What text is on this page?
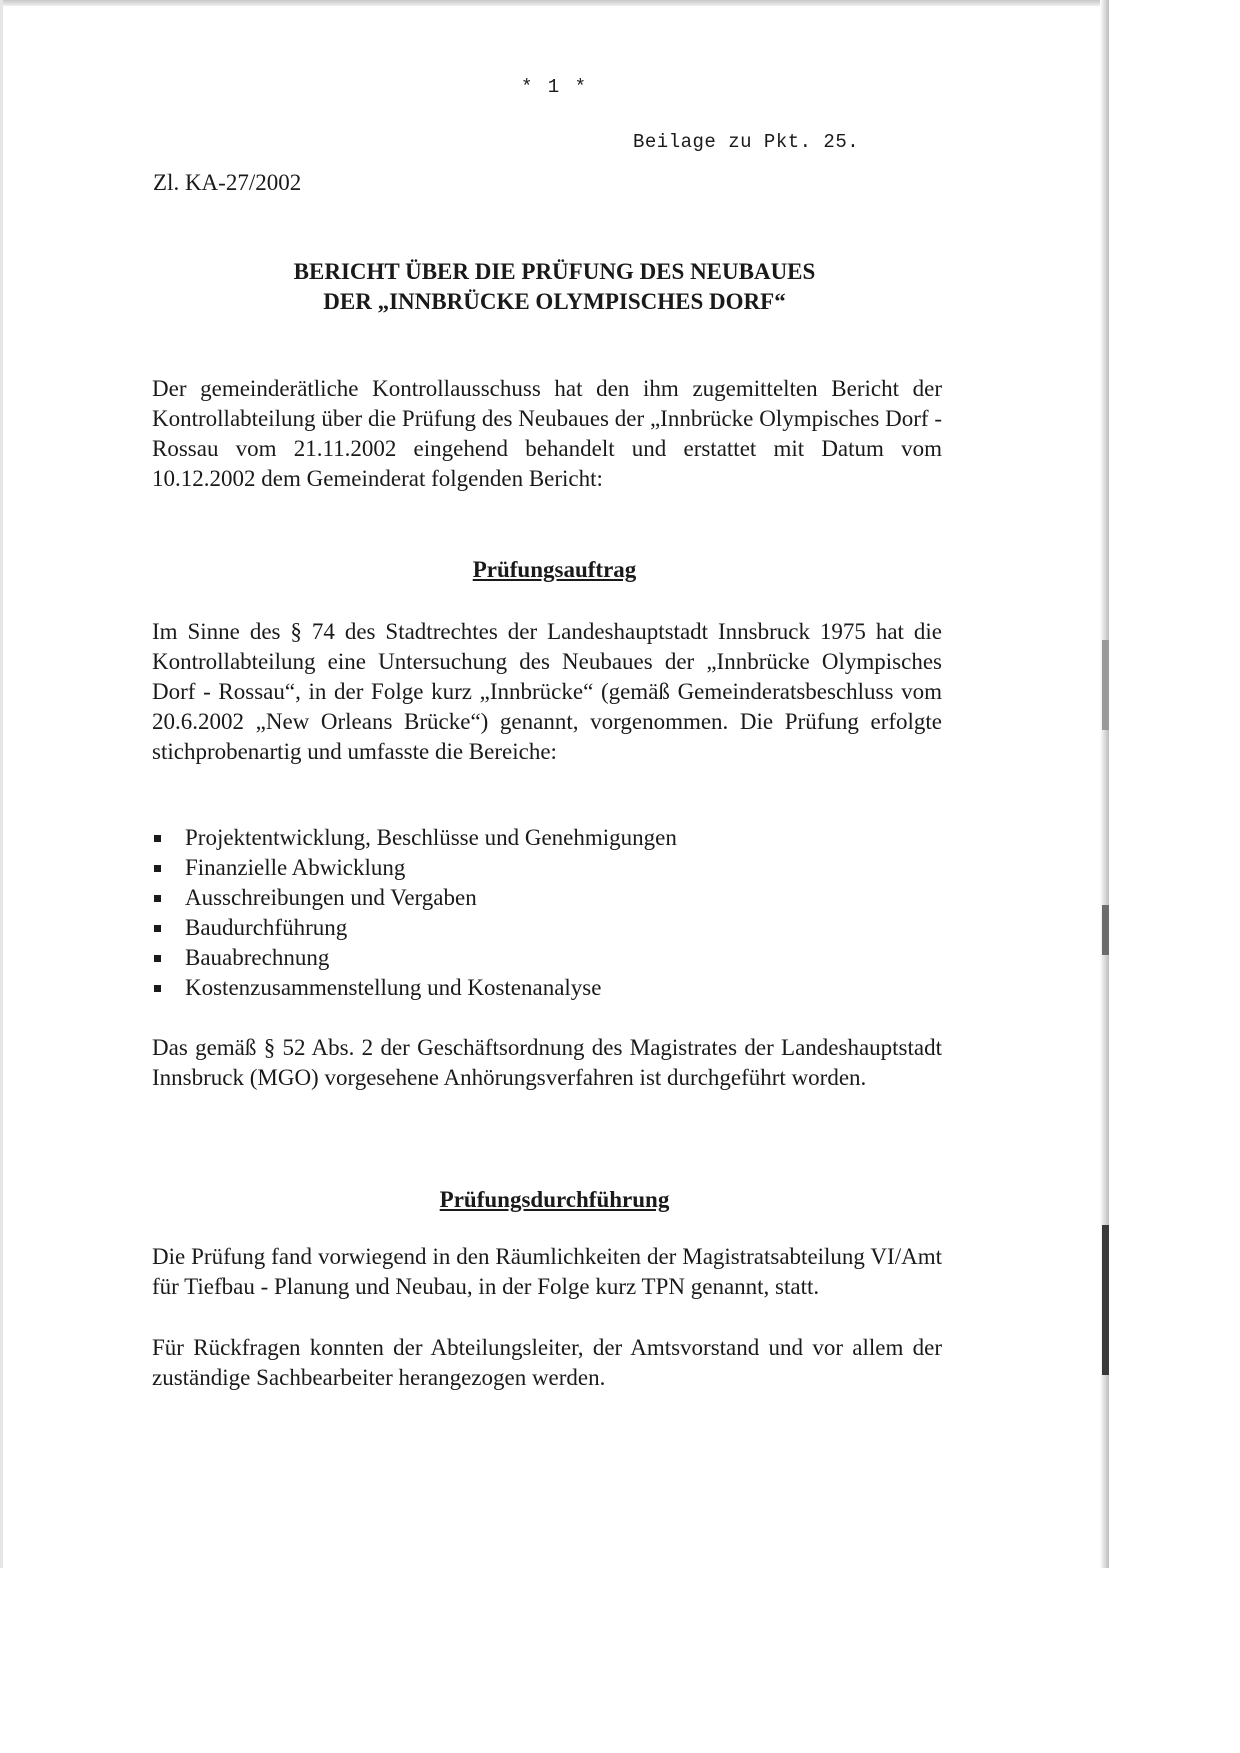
* 1 *
Beilage zu Pkt. 25.
Zl. KA-27/2002
BERICHT ÜBER DIE PRÜFUNG DES NEUBAUES
DER „INNBRÜCKE OLYMPISCHES DORF“
Der gemeinderätliche Kontrollausschuss hat den ihm zugemittelten Bericht der Kontrollabteilung über die Prüfung des Neubaues der „Innbrücke Olympisches Dorf - Rossau vom 21.11.2002 eingehend behandelt und erstattet mit Datum vom 10.12.2002 dem Gemeinderat folgenden Bericht:
Prüfungsauftrag
Im Sinne des § 74 des Stadtrechtes der Landeshauptstadt Innsbruck 1975 hat die Kontrollabteilung eine Untersuchung des Neubaues der „Innbrücke Olympisches Dorf - Rossau“, in der Folge kurz „Innbrücke“ (gemäß Gemeinderatsbeschluss vom 20.6.2002 „New Orleans Brücke“) genannt, vorgenommen. Die Prüfung erfolgte stichprobenartig und umfasste die Bereiche:
Projektentwicklung, Beschlüsse und Genehmigungen
Finanzielle Abwicklung
Ausschreibungen und Vergaben
Baudurchführung
Bauabrechnung
Kostenzusammenstellung und Kostenanalyse
Das gemäß § 52 Abs. 2 der Geschäftsordnung des Magistrates der Landeshauptstadt Innsbruck (MGO) vorgesehene Anhörungsverfahren ist durchgeführt worden.
Prüfungsdurchführung
Die Prüfung fand vorwiegend in den Räumlichkeiten der Magistratsabteilung VI/Amt für Tiefbau - Planung und Neubau, in der Folge kurz TPN genannt, statt.
Für Rückfragen konnten der Abteilungsleiter, der Amtsvorstand und vor allem der zuständige Sachbearbeiter herangezogen werden.
